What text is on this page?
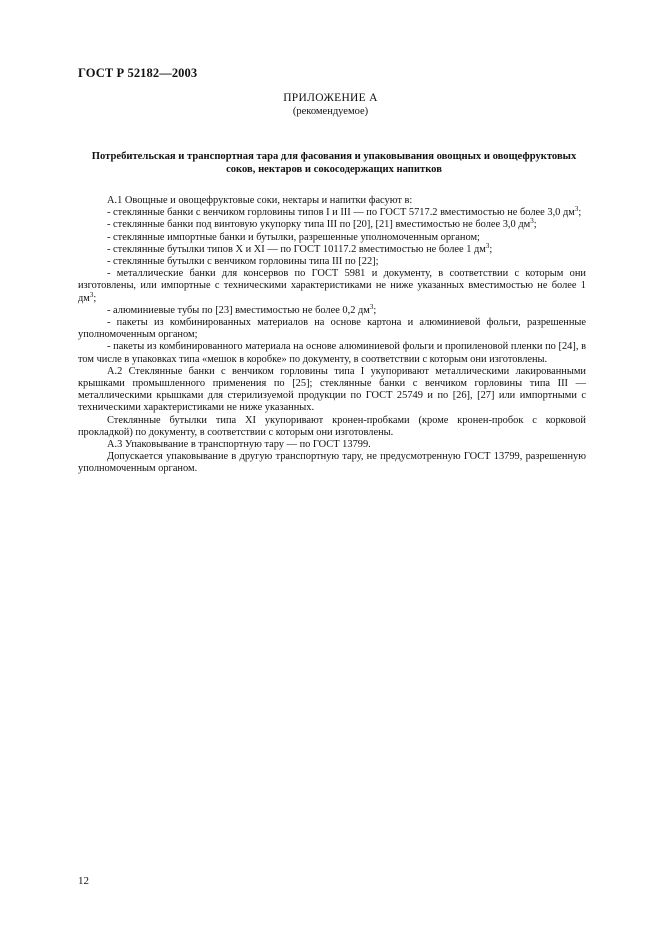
ГОСТ Р 52182—2003
ПРИЛОЖЕНИЕ А
(рекомендуемое)
Потребительская и транспортная тара для фасования и упаковывания овощных и овощефруктовых соков, нектаров и сокосодержащих напитков

А.1 Овощные и овощефруктовые соки, нектары и напитки фасуют в:

- стеклянные банки с венчиком горловины типов I и III — по ГОСТ 5717.2 вместимостью не более 3,0 $дм^3$;

- стеклянные банки под винтовую укупорку типа III по [20], [21] вместимостью не более 3,0 $дм^3$;

- стеклянные импортные банки и бутылки, разрешенные уполномоченным органом;

- стеклянные бутылки типов X и XI — по ГОСТ 10117.2 вместимостью не более 1 $дм^3$;

- стеклянные бутылки с венчиком горловины типа III по [22];

- металлические банки для консервов по ГОСТ 5981 и документу, в соответствии с которым они изготовлены, или импортные с техническими характеристиками не ниже указанных вместимостью не более 1 $дм^3$;

- алюминиевые тубы по [23] вместимостью не более 0,2 $дм^3$;

- пакеты из комбинированных материалов на основе картона и алюминиевой фольги, разрешенные уполномоченным органом;

- пакеты из комбинированного материала на основе алюминиевой фольги и пропиленовой пленки по [24], в том числе в упаковках типа «мешок в коробке» по документу, в соответствии с которым они изготовлены.

А.2 Стеклянные банки с венчиком горловины типа I укупоривают металлическими лакированными крышками промышленного применения по [25]; стеклянные банки с венчиком горловины типа III — металлическими крышками для стерилизуемой продукции по ГОСТ 25749 и по [26], [27] или импортными с техническими характеристиками не ниже указанных.

Стеклянные бутылки типа XI укупоривают кронен-пробками (кроме кронен-пробок с корковой прокладкой) по документу, в соответствии с которым они изготовлены.

А.3 Упаковывание в транспортную тару — по ГОСТ 13799.

Допускается упаковывание в другую транспортную тару, не предусмотренную ГОСТ 13799, разрешенную уполномоченным органом.

12
